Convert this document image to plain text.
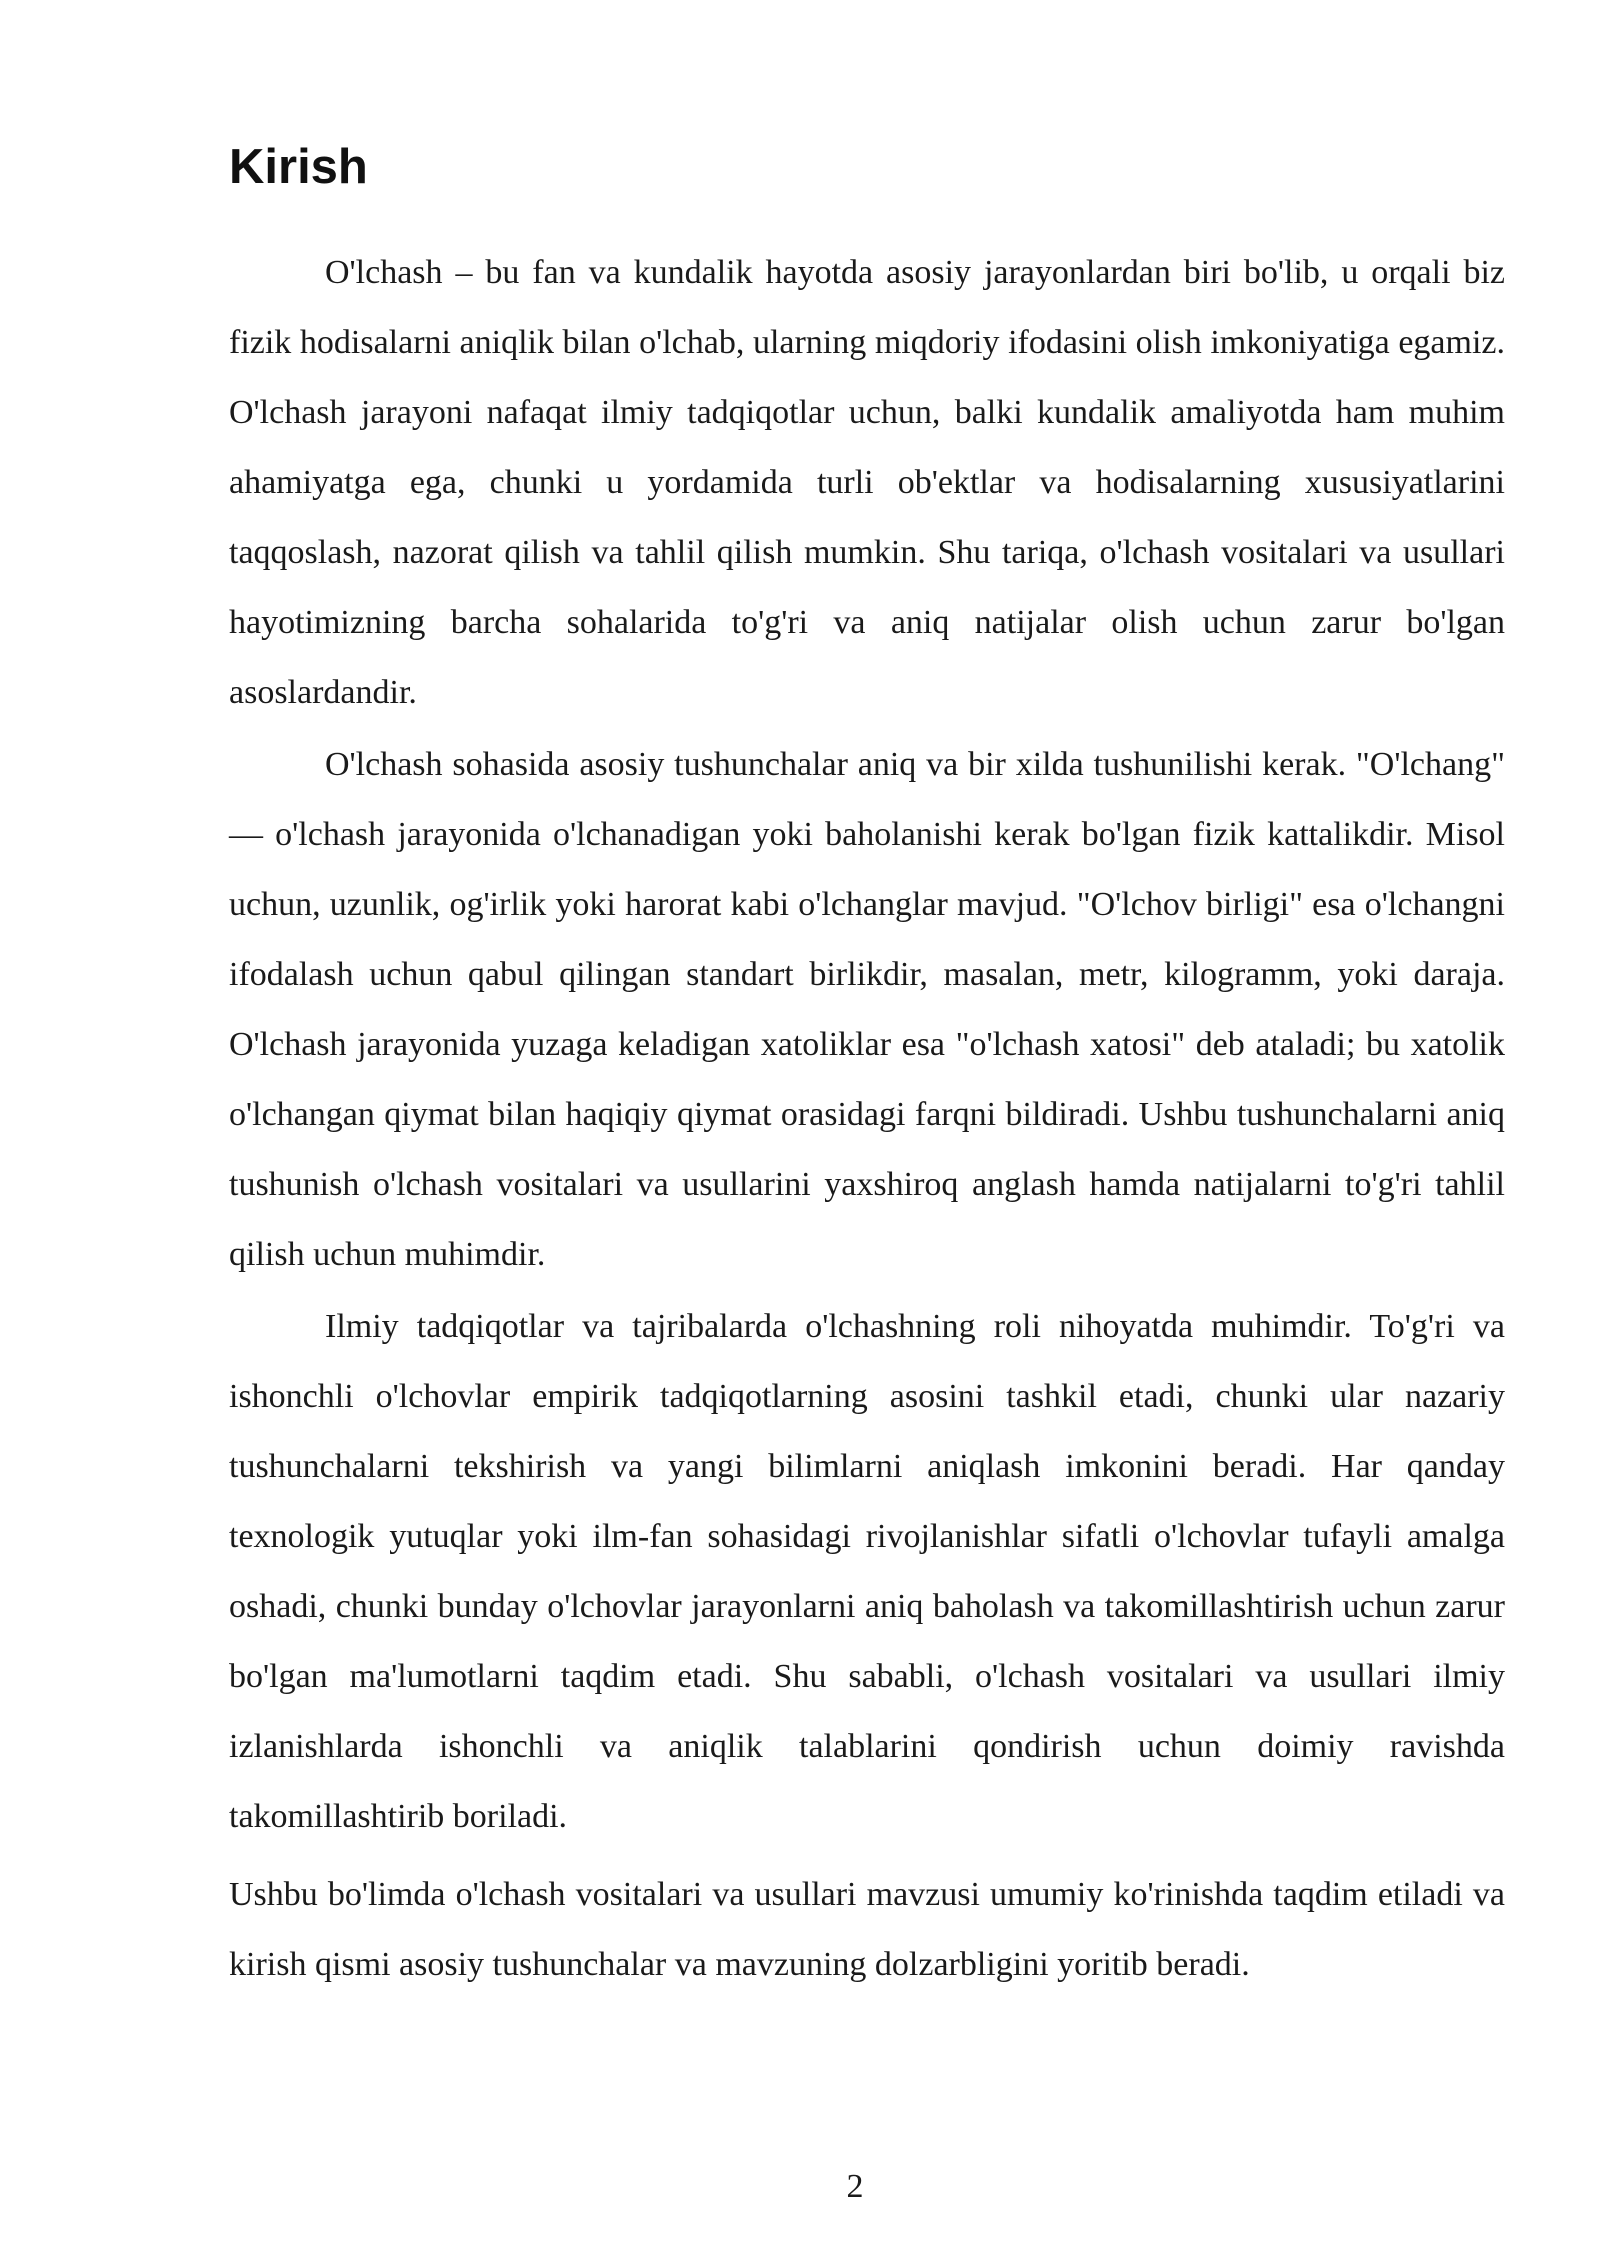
Kirish

O'lchash – bu fan va kundalik hayotda asosiy jarayonlardan biri bo'lib, u orqali biz fizik hodisalarni aniqlik bilan o'lchab, ularning miqdoriy ifodasini olish imkoniyatiga egamiz. O'lchash jarayoni nafaqat ilmiy tadqiqotlar uchun, balki kundalik amaliyotda ham muhim ahamiyatga ega, chunki u yordamida turli ob'ektlar va hodisalarning xususiyatlarini taqqoslash, nazorat qilish va tahlil qilish mumkin. Shu tariqa, o'lchash vositalari va usullari hayotimizning barcha sohalarida to'g'ri va aniq natijalar olish uchun zarur bo'lgan asoslardandir.

O'lchash sohasida asosiy tushunchalar aniq va bir xilda tushunilishi kerak. "O'lchang" — o'lchash jarayonida o'lchanadigan yoki baholanishi kerak bo'lgan fizik kattalikdir. Misol uchun, uzunlik, og'irlik yoki harorat kabi o'lchanglar mavjud. "O'lchov birligi" esa o'lchangni ifodalash uchun qabul qilingan standart birlikdir, masalan, metr, kilogramm, yoki daraja. O'lchash jarayonida yuzaga keladigan xatoliklar esa "o'lchash xatosi" deb ataladi; bu xatolik o'lchangan qiymat bilan haqiqiy qiymat orasidagi farqni bildiradi. Ushbu tushunchalarni aniq tushunish o'lchash vositalari va usullarini yaxshiroq anglash hamda natijalarni to'g'ri tahlil qilish uchun muhimdir.

Ilmiy tadqiqotlar va tajribalarda o'lchashning roli nihoyatda muhimdir. To'g'ri va ishonchli o'lchovlar empirik tadqiqotlarning asosini tashkil etadi, chunki ular nazariy tushunchalarni tekshirish va yangi bilimlarni aniqlash imkonini beradi. Har qanday texnologik yutuqlar yoki ilm-fan sohasidagi rivojlanishlar sifatli o'lchovlar tufayli amalga oshadi, chunki bunday o'lchovlar jarayonlarni aniq baholash va takomillashtirish uchun zarur bo'lgan ma'lumotlarni taqdim etadi. Shu sababli, o'lchash vositalari va usullari ilmiy izlanishlarda ishonchli va aniqlik talablarini qondirish uchun doimiy ravishda takomillashtirib boriladi.

Ushbu bo'limda o'lchash vositalari va usullari mavzusi umumiy ko'rinishda taqdim etiladi va kirish qismi asosiy tushunchalar va mavzuning dolzarbligini yoritib beradi.

2
